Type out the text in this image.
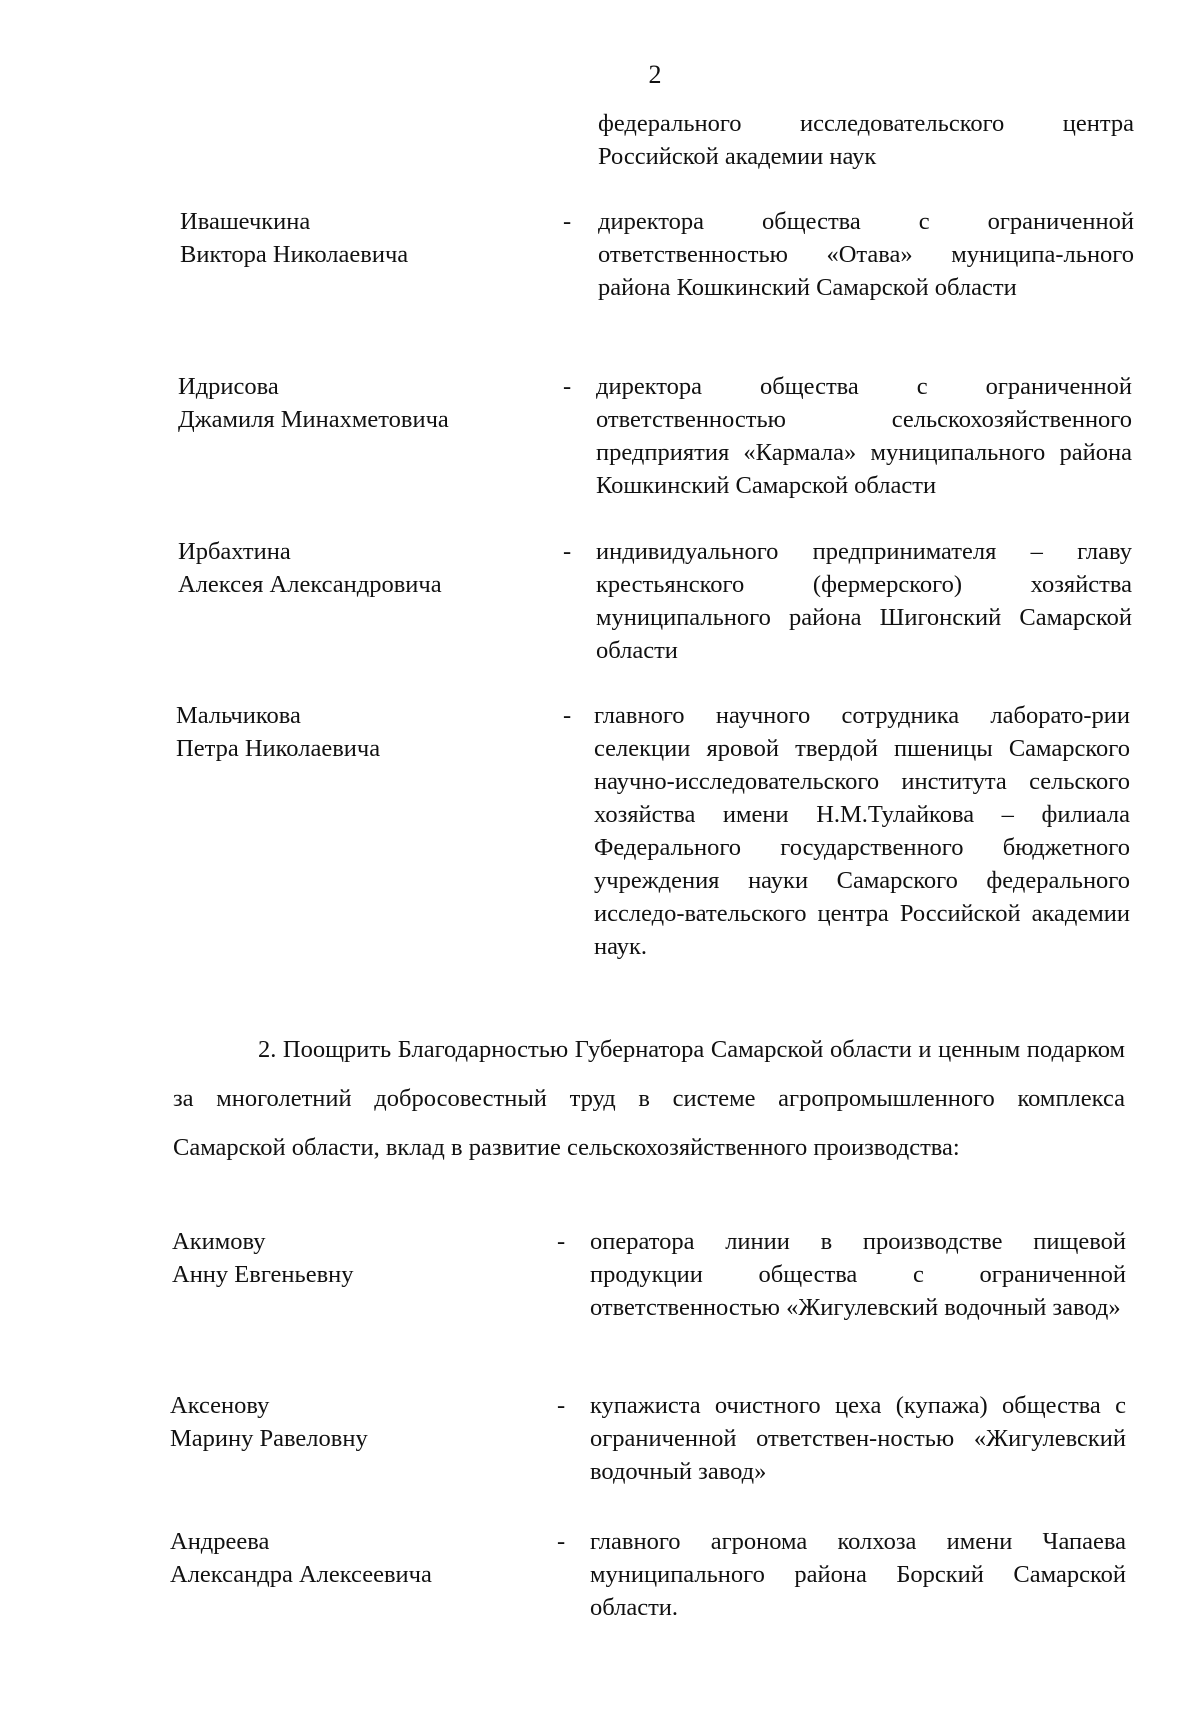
2
федерального исследовательского центра Российской академии наук
Ивашечкина
Виктора Николаевича
-	директора общества с ограниченной ответственностью «Отава» муниципа-льного района Кошкинский Самарской области
Идрисова
Джамиля Минахметовича
-	директора общества с ограниченной ответственностью сельскохозяйственного предприятия «Кармала» муниципального района Кошкинский Самарской области
Ирбахтина
Алексея Александровича
-	индивидуального предпринимателя – главу крестьянского (фермерского) хозяйства муниципального района Шигонский Самарской области
Мальчикова
Петра Николаевича
- главного научного сотрудника лаборато-рии селекции яровой твердой пшеницы Самарского научно-исследовательского института сельского хозяйства имени Н.М.Тулайкова – филиала Федерального государственного бюджетного учреждения науки Самарского федерального исследо-вательского центра Российской академии наук.

2. Поощрить Благодарностью Губернатора Самарской области и ценным подарком за многолетний добросовестный труд в системе агропромышленного комплекса Самарской области, вклад в развитие сельскохозяйственного производства:

Акимову
Анну Евгеньевну
-	оператора линии в производстве пищевой продукции общества с ограниченной ответственностью «Жигулевский водочный завод»
Аксенову
Марину Равеловну
-	купажиста очистного цеха (купажа) общества с ограниченной ответствен-ностью «Жигулевский водочный завод»
Андреева
Александра Алексеевича
-	главного агронома колхоза имени Чапаева муниципального района Борский Самарской области.
